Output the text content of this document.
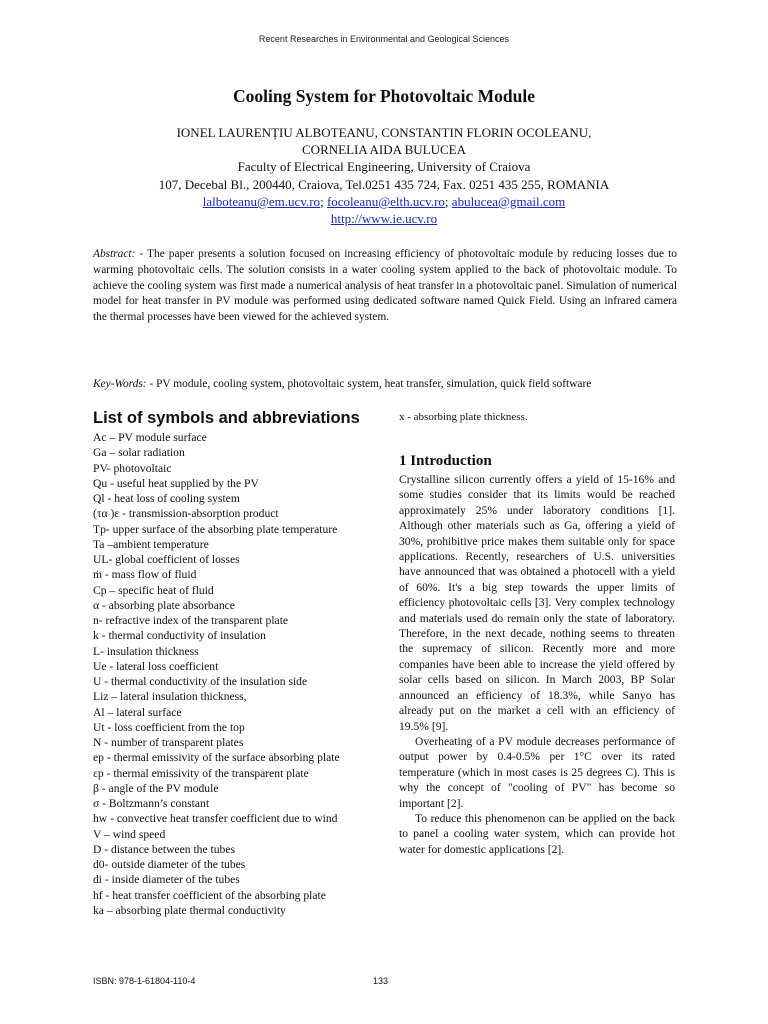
Recent Researches in Environmental and Geological Sciences
Cooling System for Photovoltaic Module
IONEL LAURENȚIU ALBOTEANU, CONSTANTIN FLORIN OCOLEANU,
CORNELIA AIDA BULUCEA
Faculty of Electrical Engineering, University of Craiova
107, Decebal Bl., 200440, Craiova, Tel.0251 435 724, Fax. 0251 435 255, ROMANIA
lalboteanu@em.ucv.ro; focoleanu@elth.ucv.ro; abulucea@gmail.com
http://www.ie.ucv.ro
Abstract: - The paper presents a solution focused on increasing efficiency of photovoltaic module by reducing losses due to warming photovoltaic cells. The solution consists in a water cooling system applied to the back of photovoltaic module. To achieve the cooling system was first made a numerical analysis of heat transfer in a photovoltaic panel. Simulation of numerical model for heat transfer in PV module was performed using dedicated software named Quick Field. Using an infrared camera the thermal processes have been viewed for the achieved system.
Key-Words: - PV module, cooling system, photovoltaic system, heat transfer, simulation, quick field software
List of symbols and abbreviations
Ac – PV module surface
Ga – solar radiation
PV- photovoltaic
Qu - useful heat supplied by the PV
Ql - heat loss of cooling system
(τα )ε - transmission-absorption product
Tp- upper surface of the absorbing plate temperature
Ta –ambient temperature
UL- global coefficient of losses
ṁ - mass flow of fluid
Cp – specific heat of fluid
α - absorbing plate absorbance
n- refractive index of the transparent plate
k - thermal conductivity of insulation
L- insulation thickness
Ue - lateral loss coefficient
U - thermal conductivity of the insulation side
Liz – lateral insulation thickness,
Al – lateral surface
Ut - loss coefficient from the top
N - number of transparent plates
ep - thermal emissivity of the surface absorbing plate
εp - thermal emissivity of the transparent plate
β - angle of the PV module
σ - Boltzmann’s constant
hw - convective heat transfer coefficient due to wind
V – wind speed
D - distance between the tubes
d0- outside diameter of the tubes
di - inside diameter of the tubes
hf - heat transfer coefficient of the absorbing plate
ka – absorbing plate thermal conductivity
x - absorbing plate thickness.
1 Introduction

Crystalline silicon currently offers a yield of 15-16% and some studies consider that its limits would be reached approximately 25% under laboratory conditions [1]. Although other materials such as Ga, offering a yield of 30%, prohibitive price makes them suitable only for space applications. Recently, researchers of U.S. universities have announced that was obtained a photocell with a yield of 60%. It's a big step towards the upper limits of efficiency photovoltaic cells [3]. Very complex technology and materials used do remain only the state of laboratory. Therefore, in the next decade, nothing seems to threaten the supremacy of silicon. Recently more and more companies have been able to increase the yield offered by solar cells based on silicon. In March 2003, BP Solar announced an efficiency of 18.3%, while Sanyo has already put on the market a cell with an efficiency of 19.5% [9].

Overheating of a PV module decreases performance of output power by 0.4-0.5% per 1°C over its rated temperature (which in most cases is 25 degrees C). This is why the concept of "cooling of PV" has become so important [2].

To reduce this phenomenon can be applied on the back to panel a cooling water system, which can provide hot water for domestic applications [2].

ISBN: 978-1-61804-110-4	133
